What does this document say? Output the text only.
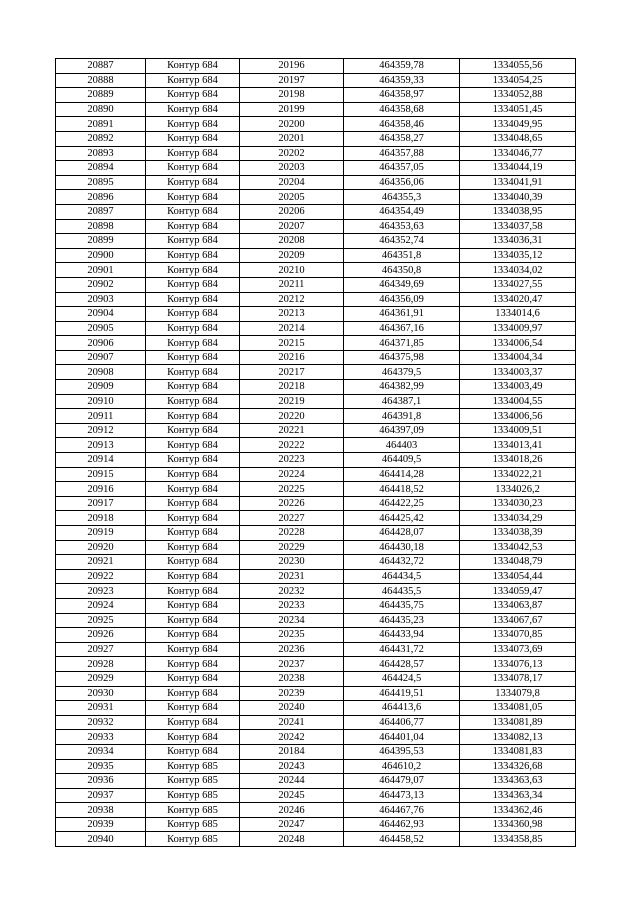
20887	Контур 684	20196	464359,78	1334055,56
20888	Контур 684	20197	464359,33	1334054,25
20889	Контур 684	20198	464358,97	1334052,88
20890	Контур 684	20199	464358,68	1334051,45
20891	Контур 684	20200	464358,46	1334049,95
20892	Контур 684	20201	464358,27	1334048,65
20893	Контур 684	20202	464357,88	1334046,77
20894	Контур 684	20203	464357,05	1334044,19
20895	Контур 684	20204	464356,06	1334041,91
20896	Контур 684	20205	464355,3	1334040,39
20897	Контур 684	20206	464354,49	1334038,95
20898	Контур 684	20207	464353,63	1334037,58
20899	Контур 684	20208	464352,74	1334036,31
20900	Контур 684	20209	464351,8	1334035,12
20901	Контур 684	20210	464350,8	1334034,02
20902	Контур 684	20211	464349,69	1334027,55
20903	Контур 684	20212	464356,09	1334020,47
20904	Контур 684	20213	464361,91	1334014,6
20905	Контур 684	20214	464367,16	1334009,97
20906	Контур 684	20215	464371,85	1334006,54
20907	Контур 684	20216	464375,98	1334004,34
20908	Контур 684	20217	464379,5	1334003,37
20909	Контур 684	20218	464382,99	1334003,49
20910	Контур 684	20219	464387,1	1334004,55
20911	Контур 684	20220	464391,8	1334006,56
20912	Контур 684	20221	464397,09	1334009,51
20913	Контур 684	20222	464403	1334013,41
20914	Контур 684	20223	464409,5	1334018,26
20915	Контур 684	20224	464414,28	1334022,21
20916	Контур 684	20225	464418,52	1334026,2
20917	Контур 684	20226	464422,25	1334030,23
20918	Контур 684	20227	464425,42	1334034,29
20919	Контур 684	20228	464428,07	1334038,39
20920	Контур 684	20229	464430,18	1334042,53
20921	Контур 684	20230	464432,72	1334048,79
20922	Контур 684	20231	464434,5	1334054,44
20923	Контур 684	20232	464435,5	1334059,47
20924	Контур 684	20233	464435,75	1334063,87
20925	Контур 684	20234	464435,23	1334067,67
20926	Контур 684	20235	464433,94	1334070,85
20927	Контур 684	20236	464431,72	1334073,69
20928	Контур 684	20237	464428,57	1334076,13
20929	Контур 684	20238	464424,5	1334078,17
20930	Контур 684	20239	464419,51	1334079,8
20931	Контур 684	20240	464413,6	1334081,05
20932	Контур 684	20241	464406,77	1334081,89
20933	Контур 684	20242	464401,04	1334082,13
20934	Контур 684	20184	464395,53	1334081,83
20935	Контур 685	20243	464610,2	1334326,68
20936	Контур 685	20244	464479,07	1334363,63
20937	Контур 685	20245	464473,13	1334363,34
20938	Контур 685	20246	464467,76	1334362,46
20939	Контур 685	20247	464462,93	1334360,98
20940	Контур 685	20248	464458,52	1334358,85
